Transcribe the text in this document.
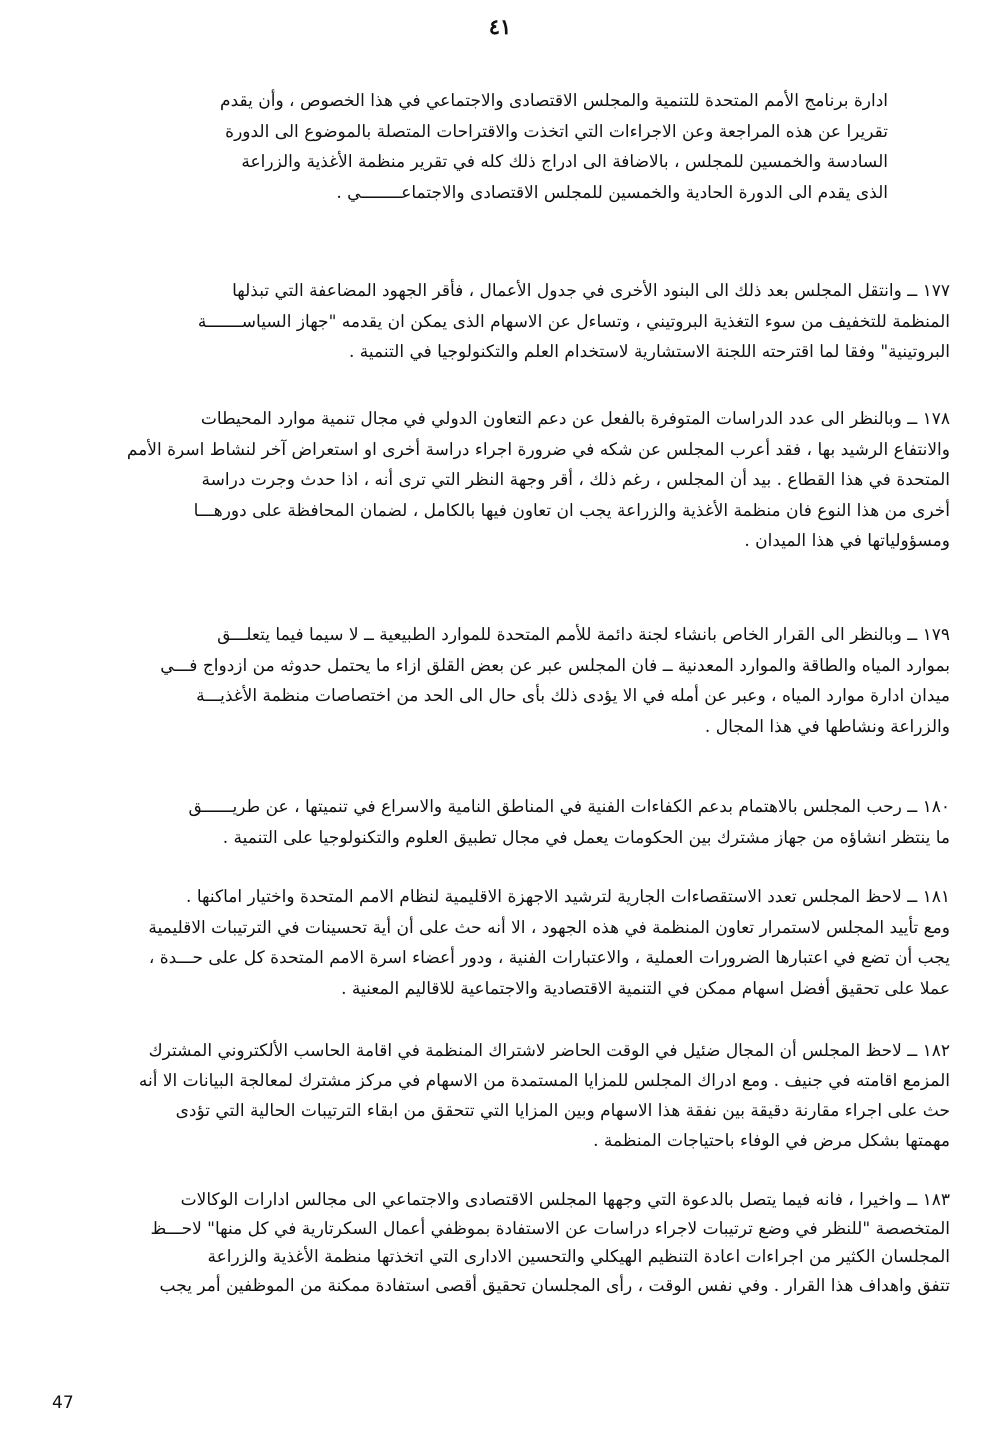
٤١
ادارة برنامج الأمم المتحدة للتنمية والمجلس الاقتصادى والاجتماعي في هذا الخصوص ، وأن يقدم
تقريرا عن هذه المراجعة وعن الاجراءات التي اتخذت والاقتراحات المتصلة بالموضوع الى الدورة
السادسة والخمسين للمجلس ، بالاضافة الى ادراج ذلك كله في تقرير منظمة الأغذية والزراعة
الذى يقدم الى الدورة الحادية والخمسين للمجلس الاقتصادى والاجتماعــــــــي .
١٧٧ ــ وانتقل المجلس بعد ذلك الى البنود الأخرى في جدول الأعمال ، فأقر الجهود المضاعفة التي تبذلها
المنظمة للتخفيف من سوء التغذية البروتيني ، وتساءل عن الاسهام الذى يمكن ان يقدمه "جهاز السياســـــــة
البروتينية" وفقا لما اقترحته اللجنة الاستشارية لاستخدام العلم والتكنولوجيا في التنمية .
١٧٨ ــ وبالنظر الى عدد الدراسات المتوفرة بالفعل عن دعم التعاون الدولي في مجال تنمية موارد المحيطات
والانتفاع الرشيد بها ، فقد أعرب المجلس عن شكه في ضرورة اجراء دراسة أخرى او استعراض آخر لنشاط اسرة الأمم
المتحدة في هذا القطاع . بيد أن المجلس ، رغم ذلك ، أقر وجهة النظر التي ترى أنه ، اذا حدث وجرت دراسة
أخرى من هذا النوع فان منظمة الأغذية والزراعة يجب ان تعاون فيها بالكامل ، لضمان المحافظة على دورهـــا
ومسؤولياتها في هذا الميدان .
١٧٩ ــ وبالنظر الى القرار الخاص بانشاء لجنة دائمة للأمم المتحدة للموارد الطبيعية ــ لا سيما فيما يتعلـــق
بموارد المياه والطاقة والموارد المعدنية ــ فان المجلس عبر عن بعض القلق ازاء ما يحتمل حدوثه من ازدواج فـــي
ميدان ادارة موارد المياه ، وعبر عن أمله في الا يؤدى ذلك بأى حال الى الحد من اختصاصات منظمة الأغذيـــة
والزراعة ونشاطها في هذا المجال .
١٨٠ ــ رحب المجلس بالاهتمام بدعم الكفاءات الفنية في المناطق النامية والاسراع في تنميتها ، عن طريــــــق
ما ينتظر انشاؤه من جهاز مشترك بين الحكومات يعمل في مجال تطبيق العلوم والتكنولوجيا على التنمية .
١٨١ ــ لاحظ المجلس تعدد الاستقصاءات الجارية لترشيد الاجهزة الاقليمية لنظام الامم المتحدة واختيار اماكنها .
ومع تأييد المجلس لاستمرار تعاون المنظمة في هذه الجهود ، الا أنه حث على أن أية تحسينات في الترتيبات الاقليمية
يجب أن تضع في اعتبارها الضرورات العملية ، والاعتبارات الفنية ، ودور أعضاء اسرة الامم المتحدة كل على حـــدة ،
عملا على تحقيق أفضل اسهام ممكن في التنمية الاقتصادية والاجتماعية للاقاليم المعنية .
١٨٢ ــ لاحظ المجلس أن المجال ضئيل في الوقت الحاضر لاشتراك المنظمة في اقامة الحاسب الألكتروني المشترك
المزمع اقامته في جنيف . ومع ادراك المجلس للمزايا المستمدة من الاسهام في مركز مشترك لمعالجة البيانات الا أنه
حث على اجراء مقارنة دقيقة بين نفقة هذا الاسهام وبين المزايا التي تتحقق من ابقاء الترتيبات الحالية التي تؤدى
مهمتها بشكل مرض في الوفاء باحتياجات المنظمة .
١٨٣ ــ واخيرا ، فانه فيما يتصل بالدعوة التي وجهها المجلس الاقتصادى والاجتماعي الى مجالس ادارات الوكالات
المتخصصة "للنظر في وضع ترتيبات لاجراء دراسات عن الاستفادة بموظفي أعمال السكرتارية في كل منها" لاحـــظ
المجلسان الكثير من اجراءات اعادة التنظيم الهيكلي والتحسين الادارى التي اتخذتها منظمة الأغذية والزراعة
تتفق واهداف هذا القرار . وفي نفس الوقت ، رأى المجلسان تحقيق أقصى استفادة ممكنة من الموظفين أمر يجب
47
